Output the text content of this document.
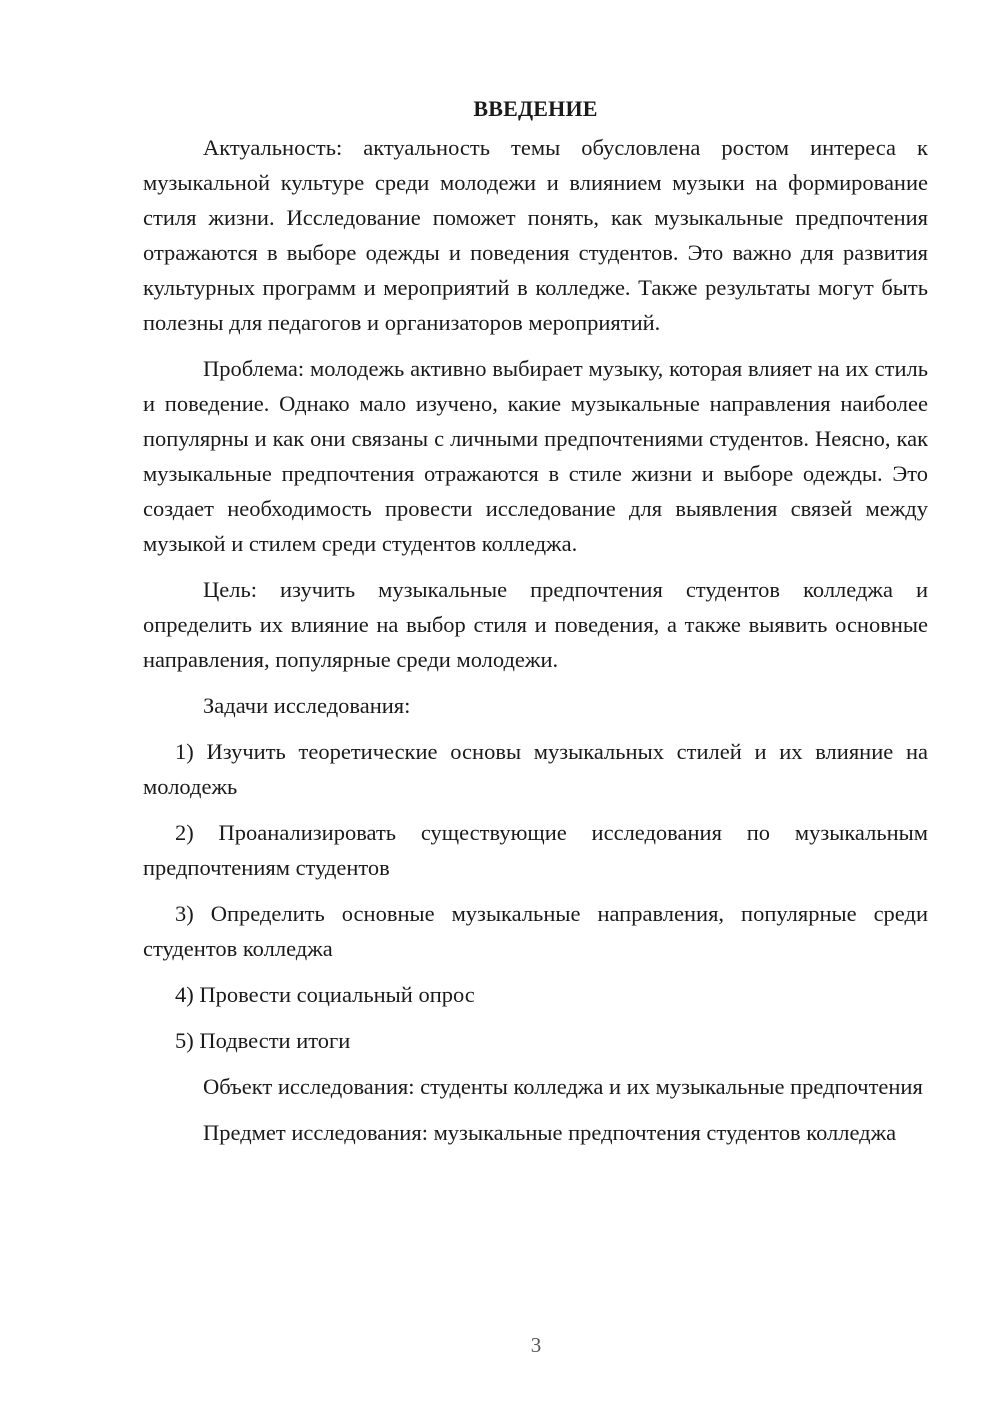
ВВЕДЕНИЕ

Актуальность: актуальность темы обусловлена ростом интереса к музыкальной культуре среди молодежи и влиянием музыки на формирование стиля жизни. Исследование поможет понять, как музыкальные предпочтения отражаются в выборе одежды и поведения студентов. Это важно для развития культурных программ и мероприятий в колледже. Также результаты могут быть полезны для педагогов и организаторов мероприятий.

Проблема: молодежь активно выбирает музыку, которая влияет на их стиль и поведение. Однако мало изучено, какие музыкальные направления наиболее популярны и как они связаны с личными предпочтениями студентов. Неясно, как музыкальные предпочтения отражаются в стиле жизни и выборе одежды. Это создает необходимость провести исследование для выявления связей между музыкой и стилем среди студентов колледжа.

Цель: изучить музыкальные предпочтения студентов колледжа и определить их влияние на выбор стиля и поведения, а также выявить основные направления, популярные среди молодежи.

Задачи исследования:

1) Изучить теоретические основы музыкальных стилей и их влияние на молодежь

2) Проанализировать существующие исследования по музыкальным предпочтениям студентов

3) Определить основные музыкальные направления, популярные среди студентов колледжа

4) Провести социальный опрос

5) Подвести итоги

Объект исследования: студенты колледжа и их музыкальные предпочтения

Предмет исследования: музыкальные предпочтения студентов колледжа

3
